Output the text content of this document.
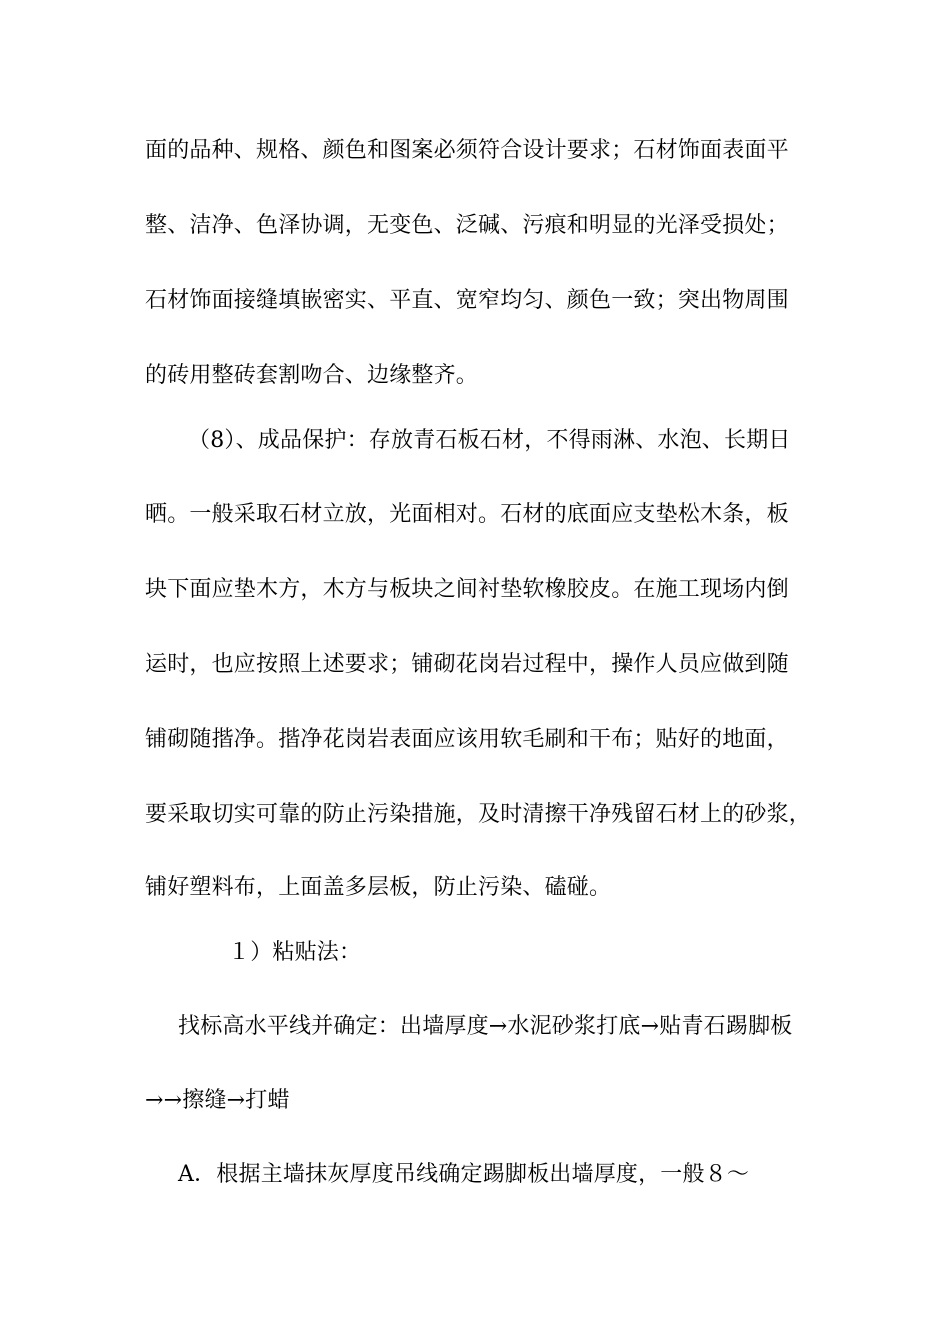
面的品种、规格、颜色和图案必须符合设计要求；石材饰面表面平
整、洁净、色泽协调，无变色、泛碱、污痕和明显的光泽受损处；
石材饰面接缝填嵌密实、平直、宽窄均匀、颜色一致；突出物周围
的砖用整砖套割吻合、边缘整齐。
（8）、成品保护：存放青石板石材，不得雨淋、水泡、长期日
晒。一般采取石材立放，光面相对。石材的底面应支垫松木条，板
块下面应垫木方，木方与板块之间衬垫软橡胶皮。在施工现场内倒
运时，也应按照上述要求；铺砌花岗岩过程中，操作人员应做到随
铺砌随揩净。揩净花岗岩表面应该用软毛刷和干布；贴好的地面，
要采取切实可靠的防止污染措施，及时清擦干净残留石材上的砂浆，
铺好塑料布，上面盖多层板，防止污染、磕碰。
１）粘贴法：
找标高水平线并确定：出墙厚度→水泥砂浆打底→贴青石踢脚板
→→擦缝→打蜡
A．根据主墙抹灰厚度吊线确定踢脚板出墙厚度，一般８～
